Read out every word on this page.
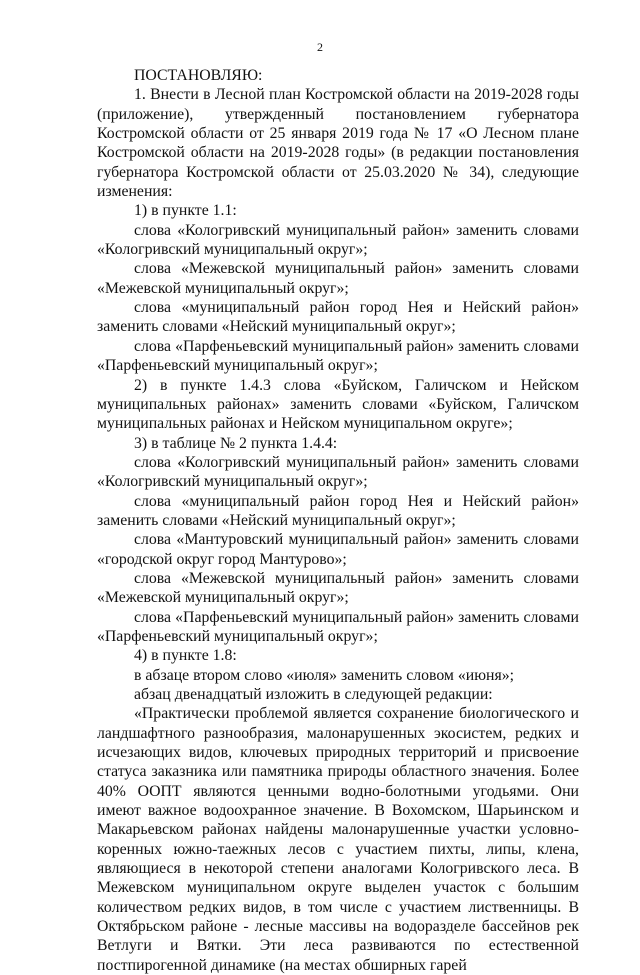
2

ПОСТАНОВЛЯЮ:

1. Внести в Лесной план Костромской области на 2019-2028 годы (приложение), утвержденный постановлением губернатора Костромской области от 25 января 2019 года № 17 «О Лесном плане Костромской области на 2019-2028 годы» (в редакции постановления губернатора Костромской области от 25.03.2020 № 34), следующие изменения:

1) в пункте 1.1:

слова «Кологривский муниципальный район» заменить словами «Кологривский муниципальный округ»;

слова «Межевской муниципальный район» заменить словами «Межевской муниципальный округ»;

слова «муниципальный район город Нея и Нейский район» заменить словами «Нейский муниципальный округ»;

слова «Парфеньевский муниципальный район» заменить словами «Парфеньевский муниципальный округ»;

2) в пункте 1.4.3 слова «Буйском, Галичском и Нейском муниципальных районах» заменить словами «Буйском, Галичском муниципальных районах и Нейском муниципальном округе»;

3) в таблице № 2 пункта 1.4.4:

слова «Кологривский муниципальный район» заменить словами «Кологривский муниципальный округ»;

слова «муниципальный район город Нея и Нейский район» заменить словами «Нейский муниципальный округ»;

слова «Мантуровский муниципальный район» заменить словами «городской округ город Мантурово»;

слова «Межевской муниципальный район» заменить словами «Межевской муниципальный округ»;

слова «Парфеньевский муниципальный район» заменить словами «Парфеньевский муниципальный округ»;

4) в пункте 1.8:

в абзаце втором слово «июля» заменить словом «июня»;

абзац двенадцатый изложить в следующей редакции:

«Практически проблемой является сохранение биологического и ландшафтного разнообразия, малонарушенных экосистем, редких и исчезающих видов, ключевых природных территорий и присвоение статуса заказника или памятника природы областного значения. Более 40% ООПТ являются ценными водно-болотными угодьями. Они имеют важное водоохранное значение. В Вохомском, Шарьинском и Макарьевском районах найдены малонарушенные участки условно-коренных южно-таежных лесов с участием пихты, липы, клена, являющиеся в некоторой степени аналогами Кологривского леса. В Межевском муниципальном округе выделен участок с большим количеством редких видов, в том числе с участием лиственницы. В Октябрьском районе - лесные массивы на водоразделе бассейнов рек Ветлуги и Вятки. Эти леса развиваются по естественной постпирогенной динамике (на местах обширных гарей
